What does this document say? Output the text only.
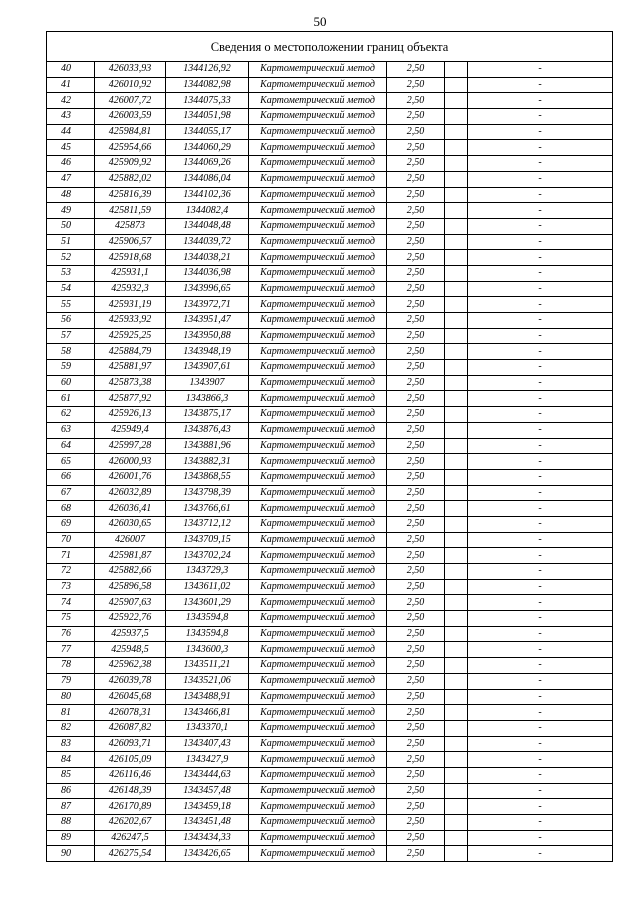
50
Сведения о местоположении границ объекта						
40	426033,93	1344126,92	Картометрический метод	2,50		-
41	426010,92	1344082,98	Картометрический метод	2,50		-
42	426007,72	1344075,33	Картометрический метод	2,50		-
43	426003,59	1344051,98	Картометрический метод	2,50		-
44	425984,81	1344055,17	Картометрический метод	2,50		-
45	425954,66	1344060,29	Картометрический метод	2,50		-
46	425909,92	1344069,26	Картометрический метод	2,50		-
47	425882,02	1344086,04	Картометрический метод	2,50		-
48	425816,39	1344102,36	Картометрический метод	2,50		-
49	425811,59	1344082,4	Картометрический метод	2,50		-
50	425873	1344048,48	Картометрический метод	2,50		-
51	425906,57	1344039,72	Картометрический метод	2,50		-
52	425918,68	1344038,21	Картометрический метод	2,50		-
53	425931,1	1344036,98	Картометрический метод	2,50		-
54	425932,3	1343996,65	Картометрический метод	2,50		-
55	425931,19	1343972,71	Картометрический метод	2,50		-
56	425933,92	1343951,47	Картометрический метод	2,50		-
57	425925,25	1343950,88	Картометрический метод	2,50		-
58	425884,79	1343948,19	Картометрический метод	2,50		-
59	425881,97	1343907,61	Картометрический метод	2,50		-
60	425873,38	1343907	Картометрический метод	2,50		-
61	425877,92	1343866,3	Картометрический метод	2,50		-
62	425926,13	1343875,17	Картометрический метод	2,50		-
63	425949,4	1343876,43	Картометрический метод	2,50		-
64	425997,28	1343881,96	Картометрический метод	2,50		-
65	426000,93	1343882,31	Картометрический метод	2,50		-
66	426001,76	1343868,55	Картометрический метод	2,50		-
67	426032,89	1343798,39	Картометрический метод	2,50		-
68	426036,41	1343766,61	Картометрический метод	2,50		-
69	426030,65	1343712,12	Картометрический метод	2,50		-
70	426007	1343709,15	Картометрический метод	2,50		-
71	425981,87	1343702,24	Картометрический метод	2,50		-
72	425882,66	1343729,3	Картометрический метод	2,50		-
73	425896,58	1343611,02	Картометрический метод	2,50		-
74	425907,63	1343601,29	Картометрический метод	2,50		-
75	425922,76	1343594,8	Картометрический метод	2,50		-
76	425937,5	1343594,8	Картометрический метод	2,50		-
77	425948,5	1343600,3	Картометрический метод	2,50		-
78	425962,38	1343511,21	Картометрический метод	2,50		-
79	426039,78	1343521,06	Картометрический метод	2,50		-
80	426045,68	1343488,91	Картометрический метод	2,50		-
81	426078,31	1343466,81	Картометрический метод	2,50		-
82	426087,82	1343370,1	Картометрический метод	2,50		-
83	426093,71	1343407,43	Картометрический метод	2,50		-
84	426105,09	1343427,9	Картометрический метод	2,50		-
85	426116,46	1343444,63	Картометрический метод	2,50		-
86	426148,39	1343457,48	Картометрический метод	2,50		-
87	426170,89	1343459,18	Картометрический метод	2,50		-
88	426202,67	1343451,48	Картометрический метод	2,50		-
89	426247,5	1343434,33	Картометрический метод	2,50		-
90	426275,54	1343426,65	Картометрический метод	2,50		-
